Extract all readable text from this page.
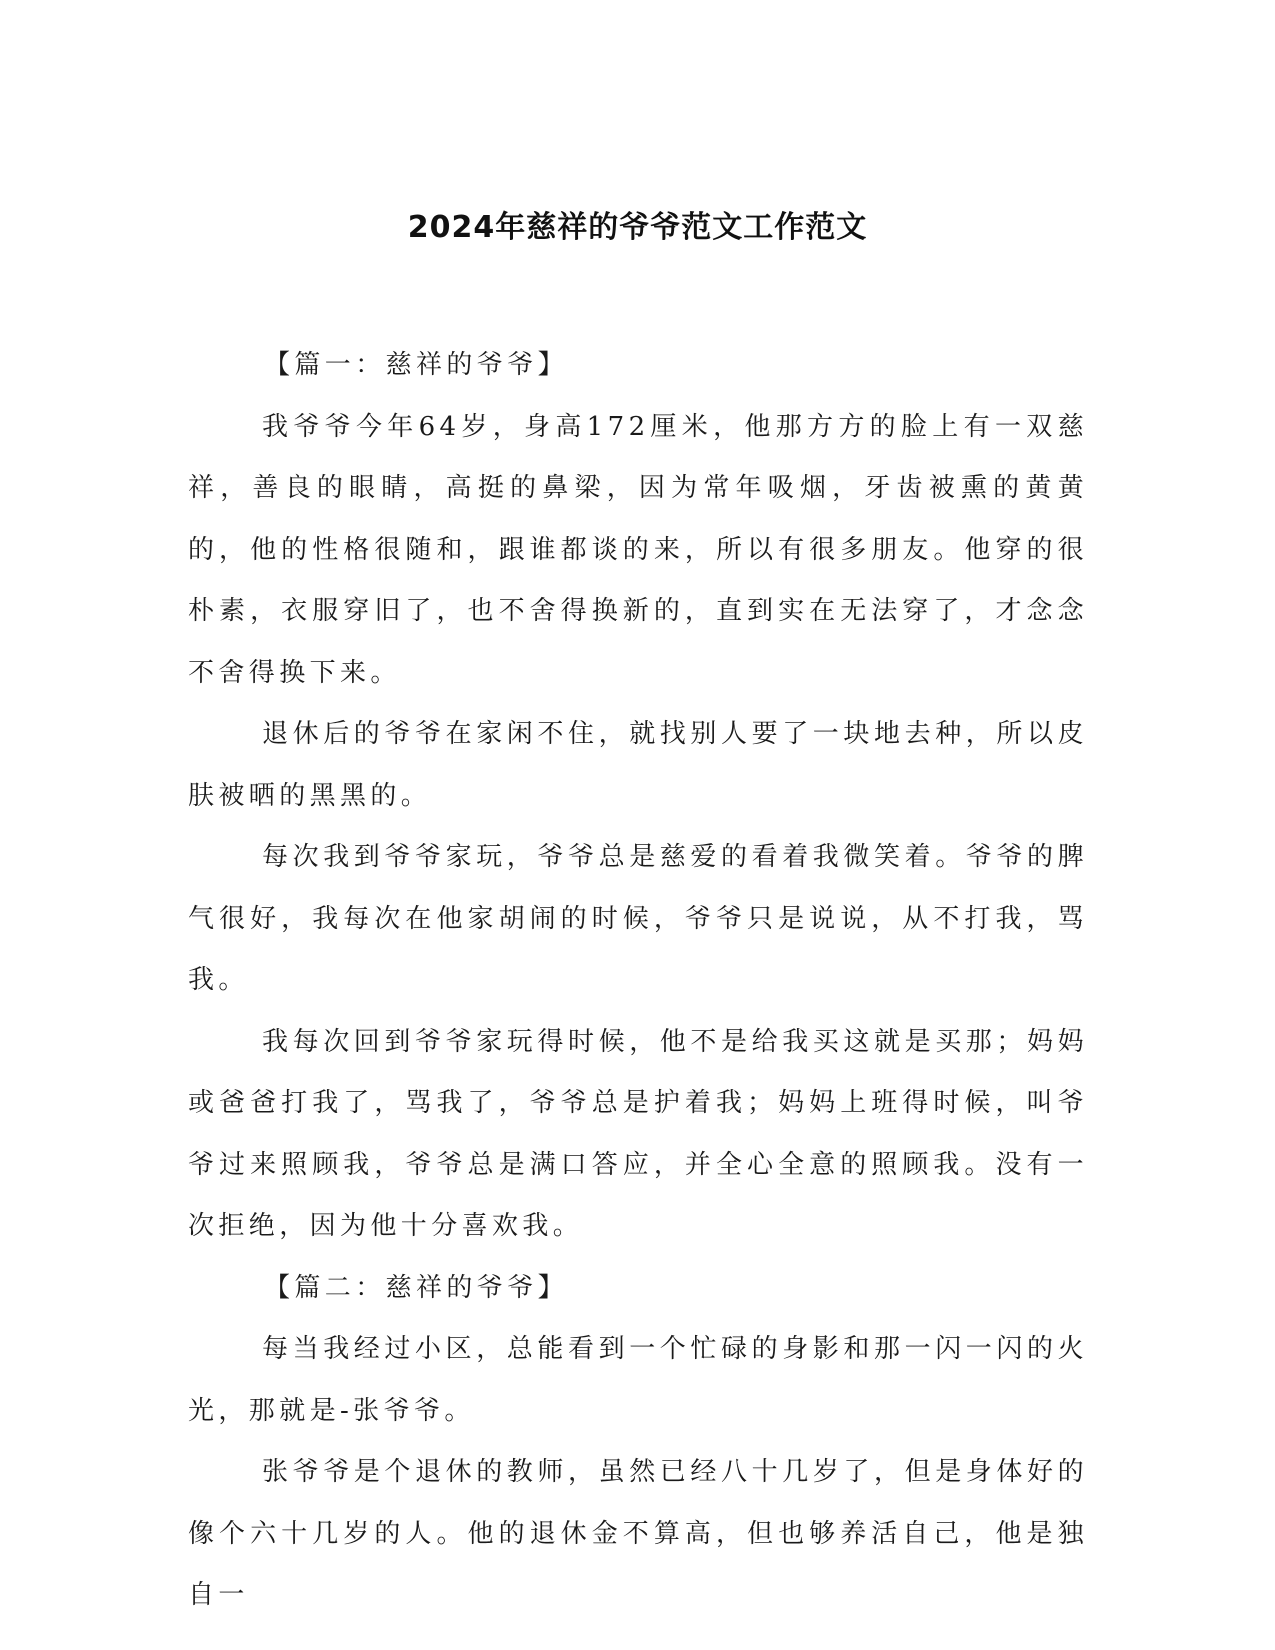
2024年慈祥的爷爷范文工作范文

【篇一：慈祥的爷爷】

我爷爷今年64岁，身高172厘米，他那方方的脸上有一双慈祥，善良的眼睛，高挺的鼻梁，因为常年吸烟，牙齿被熏的黄黄的，他的性格很随和，跟谁都谈的来，所以有很多朋友。他穿的很朴素，衣服穿旧了，也不舍得换新的，直到实在无法穿了，才念念不舍得换下来。

退休后的爷爷在家闲不住，就找别人要了一块地去种，所以皮肤被晒的黑黑的。

每次我到爷爷家玩，爷爷总是慈爱的看着我微笑着。爷爷的脾气很好，我每次在他家胡闹的时候，爷爷只是说说，从不打我，骂我。

我每次回到爷爷家玩得时候，他不是给我买这就是买那；妈妈或爸爸打我了，骂我了，爷爷总是护着我；妈妈上班得时候，叫爷爷过来照顾我，爷爷总是满口答应，并全心全意的照顾我。没有一次拒绝，因为他十分喜欢我。

【篇二：慈祥的爷爷】

每当我经过小区，总能看到一个忙碌的身影和那一闪一闪的火光，那就是-张爷爷。

张爷爷是个退休的教师，虽然已经八十几岁了，但是身体好的像个六十几岁的人。他的退休金不算高，但也够养活自己，他是独自一
